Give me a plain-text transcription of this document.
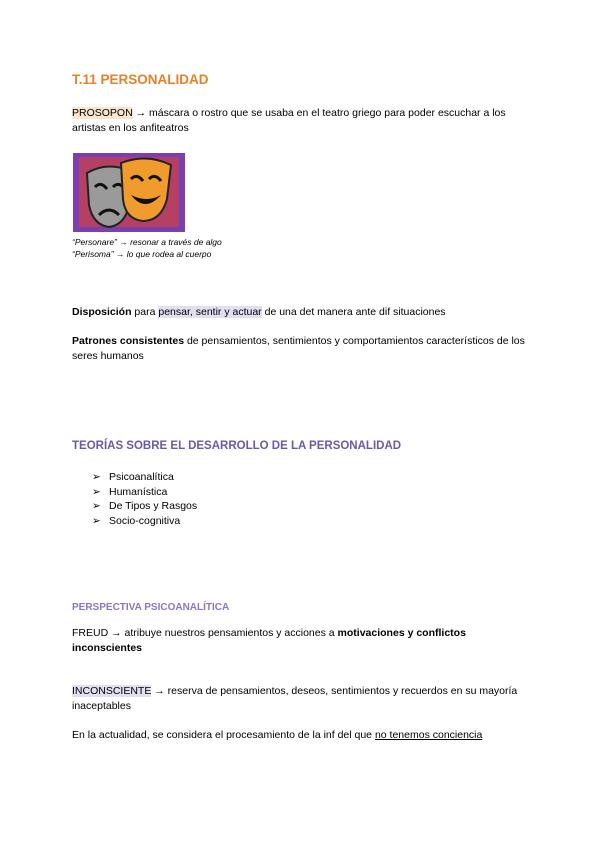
T.11 PERSONALIDAD
PROSOPON → máscara o rostro que se usaba en el teatro griego para poder escuchar a los artistas en los anfiteatros
“Personare” → resonar a través de algo
“Perisoma” → lo que rodea al cuerpo
Disposición para pensar, sentir y actuar de una det manera ante dif situaciones
Patrones consistentes de pensamientos, sentimientos y comportamientos característicos de los seres humanos
TEORÍAS SOBRE EL DESARROLLO DE LA PERSONALIDAD
➢ Psicoanalítica
➢ Humanística
➢ De Tipos y Rasgos
➢ Socio-cognitiva
PERSPECTIVA PSICOANALÍTICA
FREUD → atribuye nuestros pensamientos y acciones a motivaciones y conflictos inconscientes
INCONSCIENTE → reserva de pensamientos, deseos, sentimientos y recuerdos en su mayoría inaceptables
En la actualidad, se considera el procesamiento de la inf del que no tenemos conciencia
